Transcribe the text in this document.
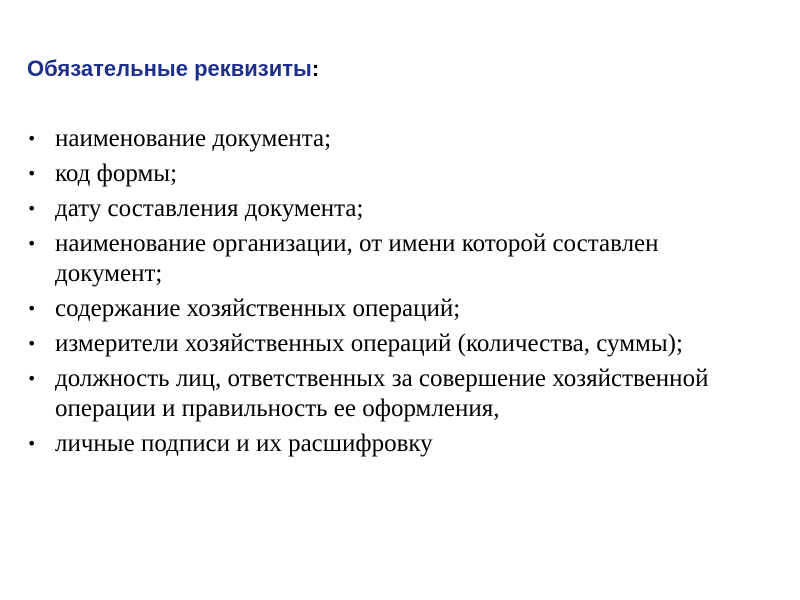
Обязательные реквизиты:
• наименование документа;
• код формы;
• дату составления документа;
• наименование организации, от имени которой составлен документ;
• содержание хозяйственных операций;
• измерители хозяйственных операций (количества, суммы);
• должность лиц, ответственных за совершение хозяйственной операции и правильность ее оформления,
• личные подписи и их расшифровку
